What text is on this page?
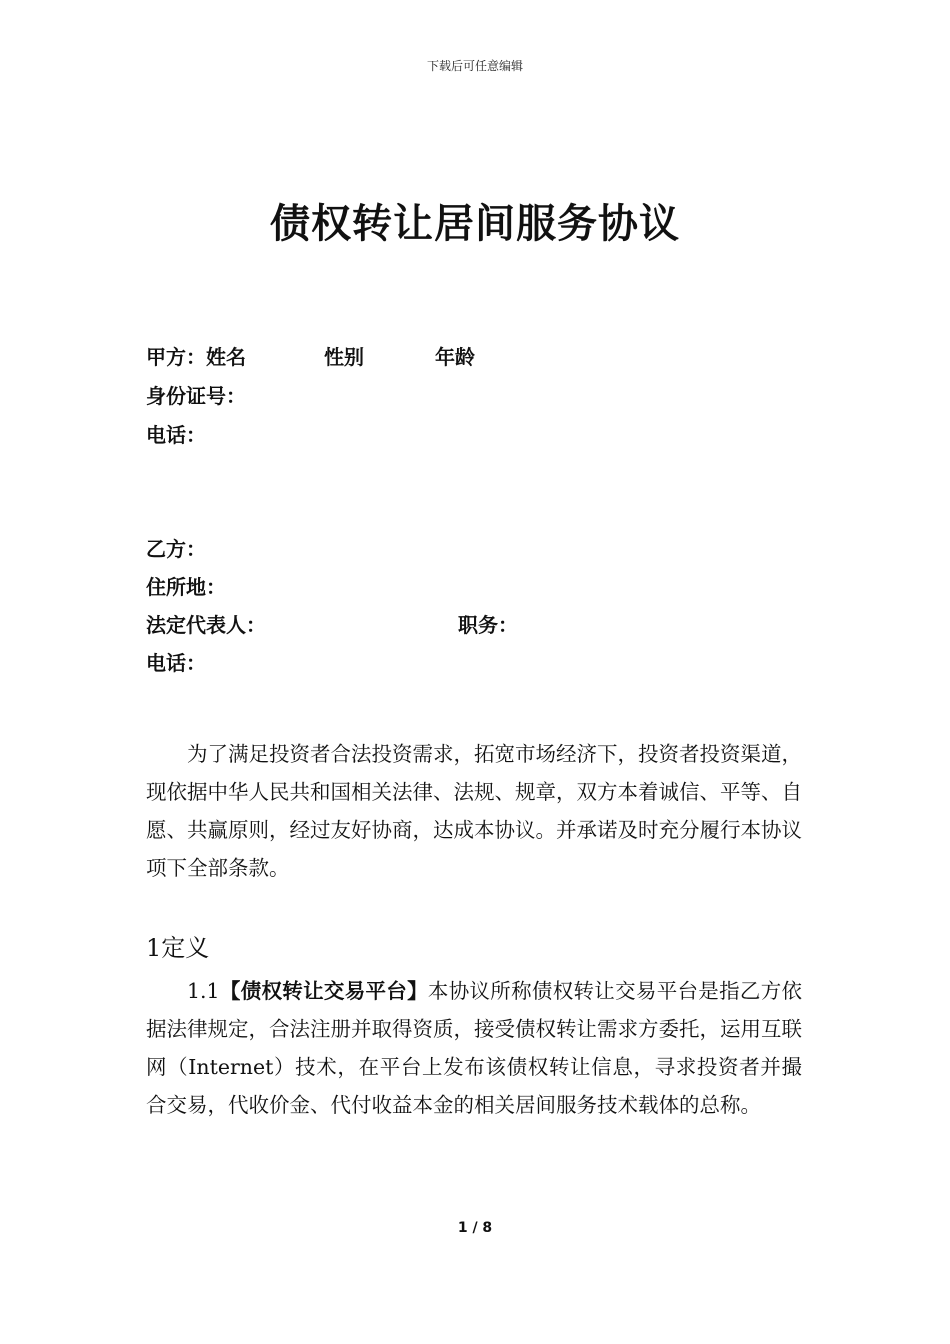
下载后可任意编辑
债权转让居间服务协议
甲方：姓名	性别	年龄
身份证号：
电话：
乙方：
住所地：
法定代表人：	职务：
电话：
为了满足投资者合法投资需求，拓宽市场经济下，投资者投资渠道，现依据中华人民共和国相关法律、法规、规章，双方本着诚信、平等、自愿、共赢原则，经过友好协商，达成本协议。并承诺及时充分履行本协议项下全部条款。
1定义
1.1【债权转让交易平台】本协议所称债权转让交易平台是指乙方依据法律规定，合法注册并取得资质，接受债权转让需求方委托，运用互联网（Internet）技术，在平台上发布该债权转让信息，寻求投资者并撮合交易，代收价金、代付收益本金的相关居间服务技术载体的总称。
1 / 8
